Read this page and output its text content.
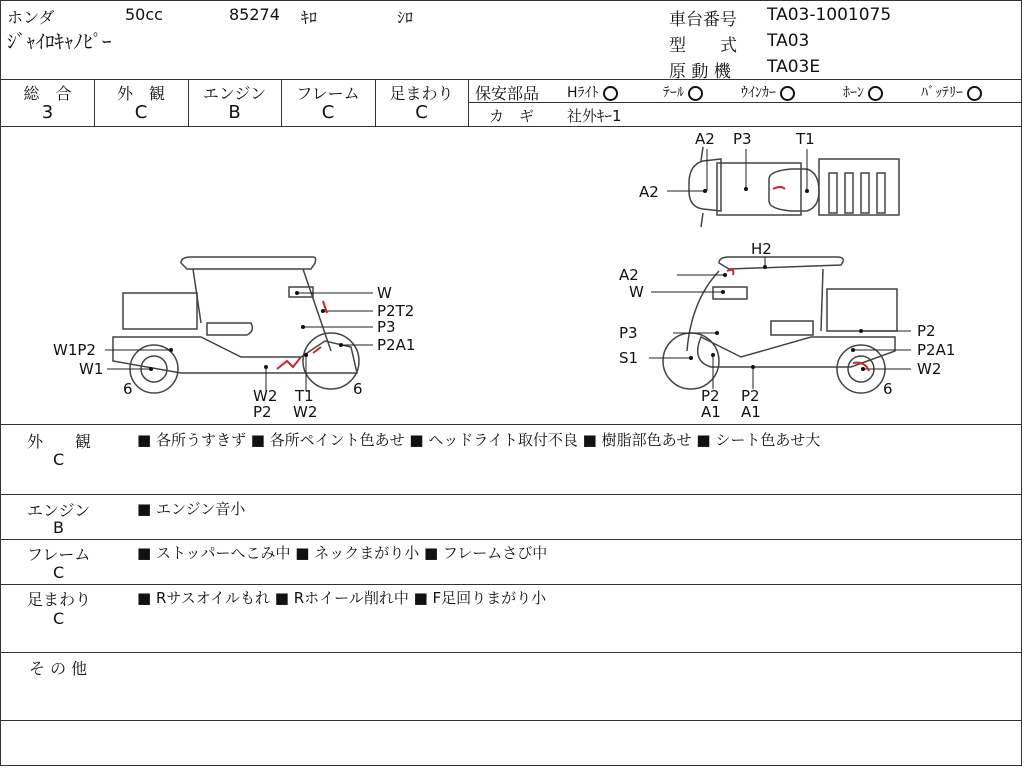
ホンダ	50cc	85274 ｷﾛ	ｼﾛ
ｼﾞｬｲﾛｷｬﾉﾋﾟｰ
車台番号 TA03-1001075
型　　式 TA03
原 動 機 TA03E
総　合
3
外　観
C
エンジン
B
フレーム
C
足まわり
C
保安部品 Hﾗｲﾄ	ﾃｰﾙ	ｳｲﾝｶｰ	ﾎｰﾝ	ﾊﾞｯﾃﾘｰ
カ　ギ 社外ｷｰ1
W
P2T2
P3
P2A1
W1P2
W1
6	6
W2
P2
T1
W2
H2
A2
W
P3
S1
P2
P2A1
W2
6
P2
A1
P2
A1
A2 P3	T1
A2
外　　観
C
■ 各所うすきず ■ 各所ペイント色あせ ■ ヘッドライト取付不良 ■ 樹脂部色あせ ■ シート色あせ大
エンジン
B
■ エンジン音小
フレーム
C
■ ストッパーへこみ中 ■ ネックまがり小 ■ フレームさび中
足まわり
C
■ Rサスオイルもれ ■ Rホイール削れ中 ■ F足回りまがり小
そ の 他
